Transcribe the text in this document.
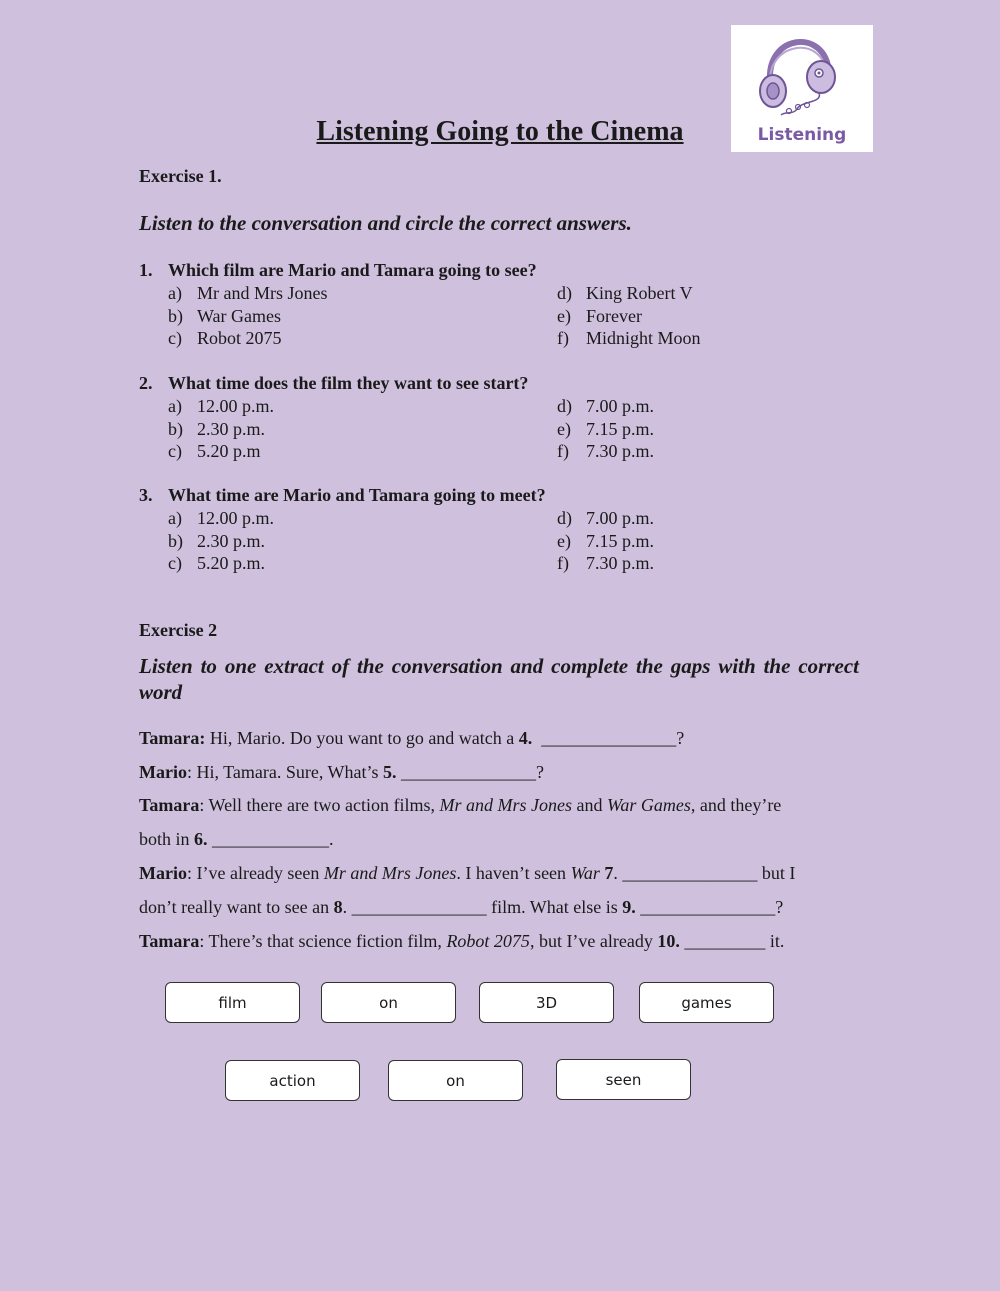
Listening
Listening Going to the Cinema
Exercise 1.
Listen to the conversation and circle the correct answers.
1. Which film are Mario and Tamara going to see?
a) Mr and Mrs Jones
b) War Games
c) Robot 2075
d) King Robert V
e) Forever
f) Midnight Moon
2. What time does the film they want to see start?
a) 12.00 p.m.
b) 2.30 p.m.
c) 5.20 p.m
d) 7.00 p.m.
e) 7.15 p.m.
f) 7.30 p.m.
3. What time are Mario and Tamara going to meet?
a) 12.00 p.m.
b) 2.30 p.m.
c) 5.20 p.m.
d) 7.00 p.m.
e) 7.15 p.m.
f) 7.30 p.m.
Exercise 2
Listen to one extract of the conversation and complete the gaps with the correct word
Tamara: Hi, Mario. Do you want to go and watch a 4.  _______________?
Mario: Hi, Tamara. Sure, What’s 5. _______________?
Tamara: Well there are two action films, Mr and Mrs Jones and War Games, and they’re
both in 6. _____________.
Mario: I’ve already seen Mr and Mrs Jones. I haven’t seen War 7. _______________ but I
don’t really want to see an 8. _______________ film. What else is 9. _______________?
Tamara: There’s that science fiction film, Robot 2075, but I’ve already 10. _________ it.
film	on	3D	games
action	on	seen
